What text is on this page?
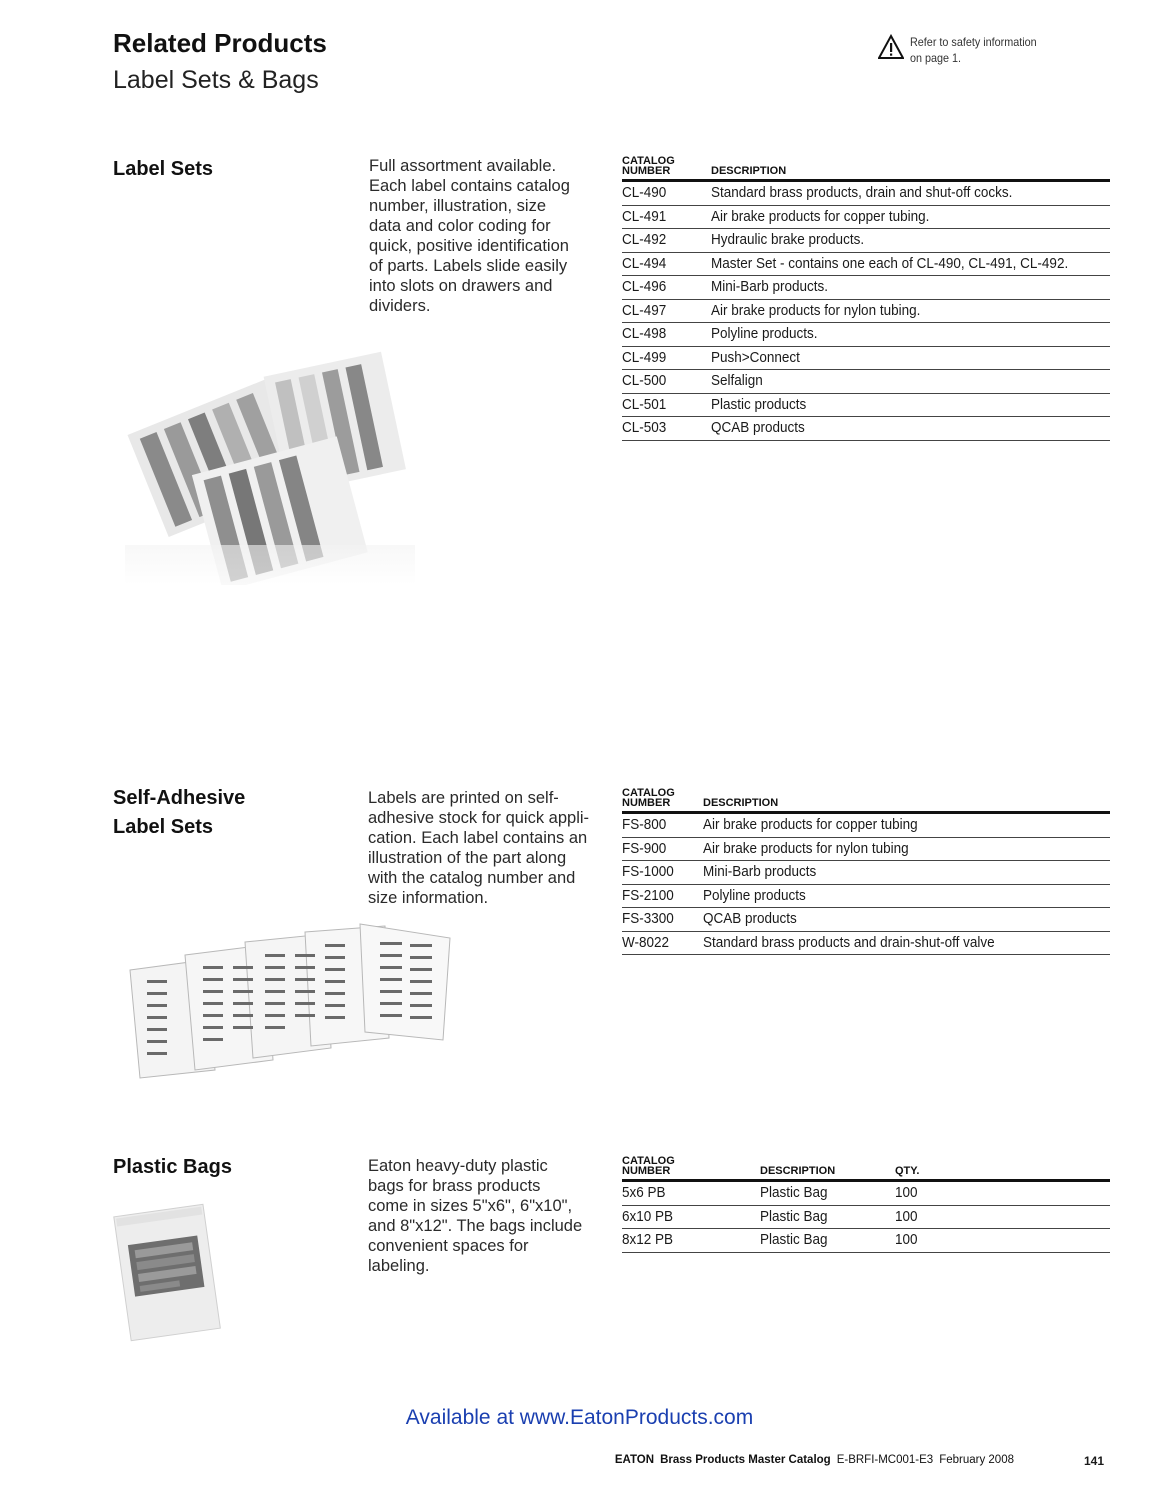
Related Products
Label Sets & Bags
Refer to safety information
on page 1.
Label Sets	Full assortment available.
Each label contains catalog
number, illustration, size
data and color coding for
quick, positive identification
of parts. Labels slide easily
into slots on drawers and
dividers.
CATALOG
NUMBER	DESCRIPTION
CL-490	Standard brass products, drain and shut-off cocks.
CL-491	Air brake products for copper tubing.
CL-492	Hydraulic brake products.
CL-494	Master Set - contains one each of CL-490, CL-491, CL-492.
CL-496	Mini-Barb products.
CL-497	Air brake products for nylon tubing.
CL-498	Polyline products.
CL-499	Push>Connect
CL-500	Selfalign
CL-501	Plastic products
CL-503	QCAB products
Self-Adhesive
Label Sets
Labels are printed on self-
adhesive stock for quick appli-
cation. Each label contains an
illustration of the part along
with the catalog number and
size information.
CATALOG
NUMBER	DESCRIPTION
FS-800	Air brake products for copper tubing
FS-900	Air brake products for nylon tubing
FS-1000	Mini-Barb products
FS-2100	Polyline products
FS-3300	QCAB products
W-8022	Standard brass products and drain-shut-off valve
Plastic Bags	Eaton heavy-duty plastic
bags for brass products
come in sizes 5"x6", 6"x10",
and 8"x12". The bags include
convenient spaces for
labeling.
CATALOG
NUMBER	DESCRIPTION	QTY.
5x6 PB	Plastic Bag	100
6x10 PB	Plastic Bag	100
8x12 PB	Plastic Bag	100
Available at www.EatonProducts.com
EATON Brass Products Master Catalog E-BRFI-MC001-E3 February 2008	141
